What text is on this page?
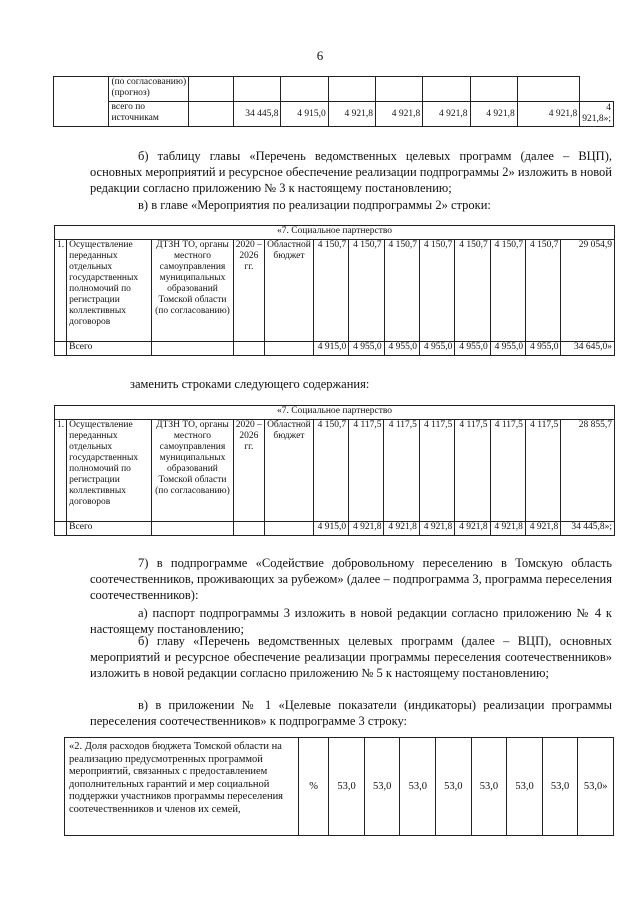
6
	(по согласованию) (прогноз)									
	всего по источникам		34 445,8	4 915,0	4 921,8	4 921,8	4 921,8	4 921,8	4 921,8	4 921,8»;
б) таблицу главы «Перечень ведомственных целевых программ (далее – ВЦП), основных мероприятий и ресурсное обеспечение реализации подпрограммы 2» изложить в новой редакции согласно приложению № 3 к настоящему постановлению;
в) в главе «Мероприятия по реализации подпрограммы 2» строки:
«7. Социальное партнерство												
1.	Осуществление переданных отдельных государственных полномочий по регистрации коллективных договоров	ДТЗН ТО, органы местного самоуправления муниципальных образований Томской области (по согласованию)	2020 – 2026 гг.	Областной бюджет	4 150,7	4 150,7	4 150,7	4 150,7	4 150,7	4 150,7	4 150,7	29 054,9
	Всего				4 915,0	4 955,0	4 955,0	4 955,0	4 955,0	4 955,0	4 955,0	34 645,0»
заменить строками следующего содержания:
«7. Социальное партнерство												
1.	Осуществление переданных отдельных государственных полномочий по регистрации коллективных договоров	ДТЗН ТО, органы местного самоуправления муниципальных образований Томской области (по согласованию)	2020 – 2026 гг.	Областной бюджет	4 150,7	4 117,5	4 117,5	4 117,5	4 117,5	4 117,5	4 117,5	28 855,7
	Всего				4 915,0	4 921,8	4 921,8	4 921,8	4 921,8	4 921,8	4 921,8	34 445,8»;
7) в подпрограмме «Содействие добровольному переселению в Томскую область соотечественников, проживающих за рубежом» (далее – подпрограмма 3, программа переселения соотечественников):
а) паспорт подпрограммы 3 изложить в новой редакции согласно приложению № 4 к настоящему постановлению;
б) главу «Перечень ведомственных целевых программ (далее – ВЦП), основных мероприятий и ресурсное обеспечение реализации программы переселения соотечественников» изложить в новой редакции согласно приложению № 5 к настоящему постановлению;
в) в приложении № 1 «Целевые показатели (индикаторы) реализации программы переселения соотечественников» к подпрограмме 3 строку:
«2. Доля расходов бюджета Томской области на реализацию предусмотренных программой мероприятий, связанных с предоставлением дополнительных гарантий и мер социальной поддержки участников программы переселения соотечественников и членов их семей,	%	53,0	53,0	53,0	53,0	53,0	53,0	53,0	53,0»
